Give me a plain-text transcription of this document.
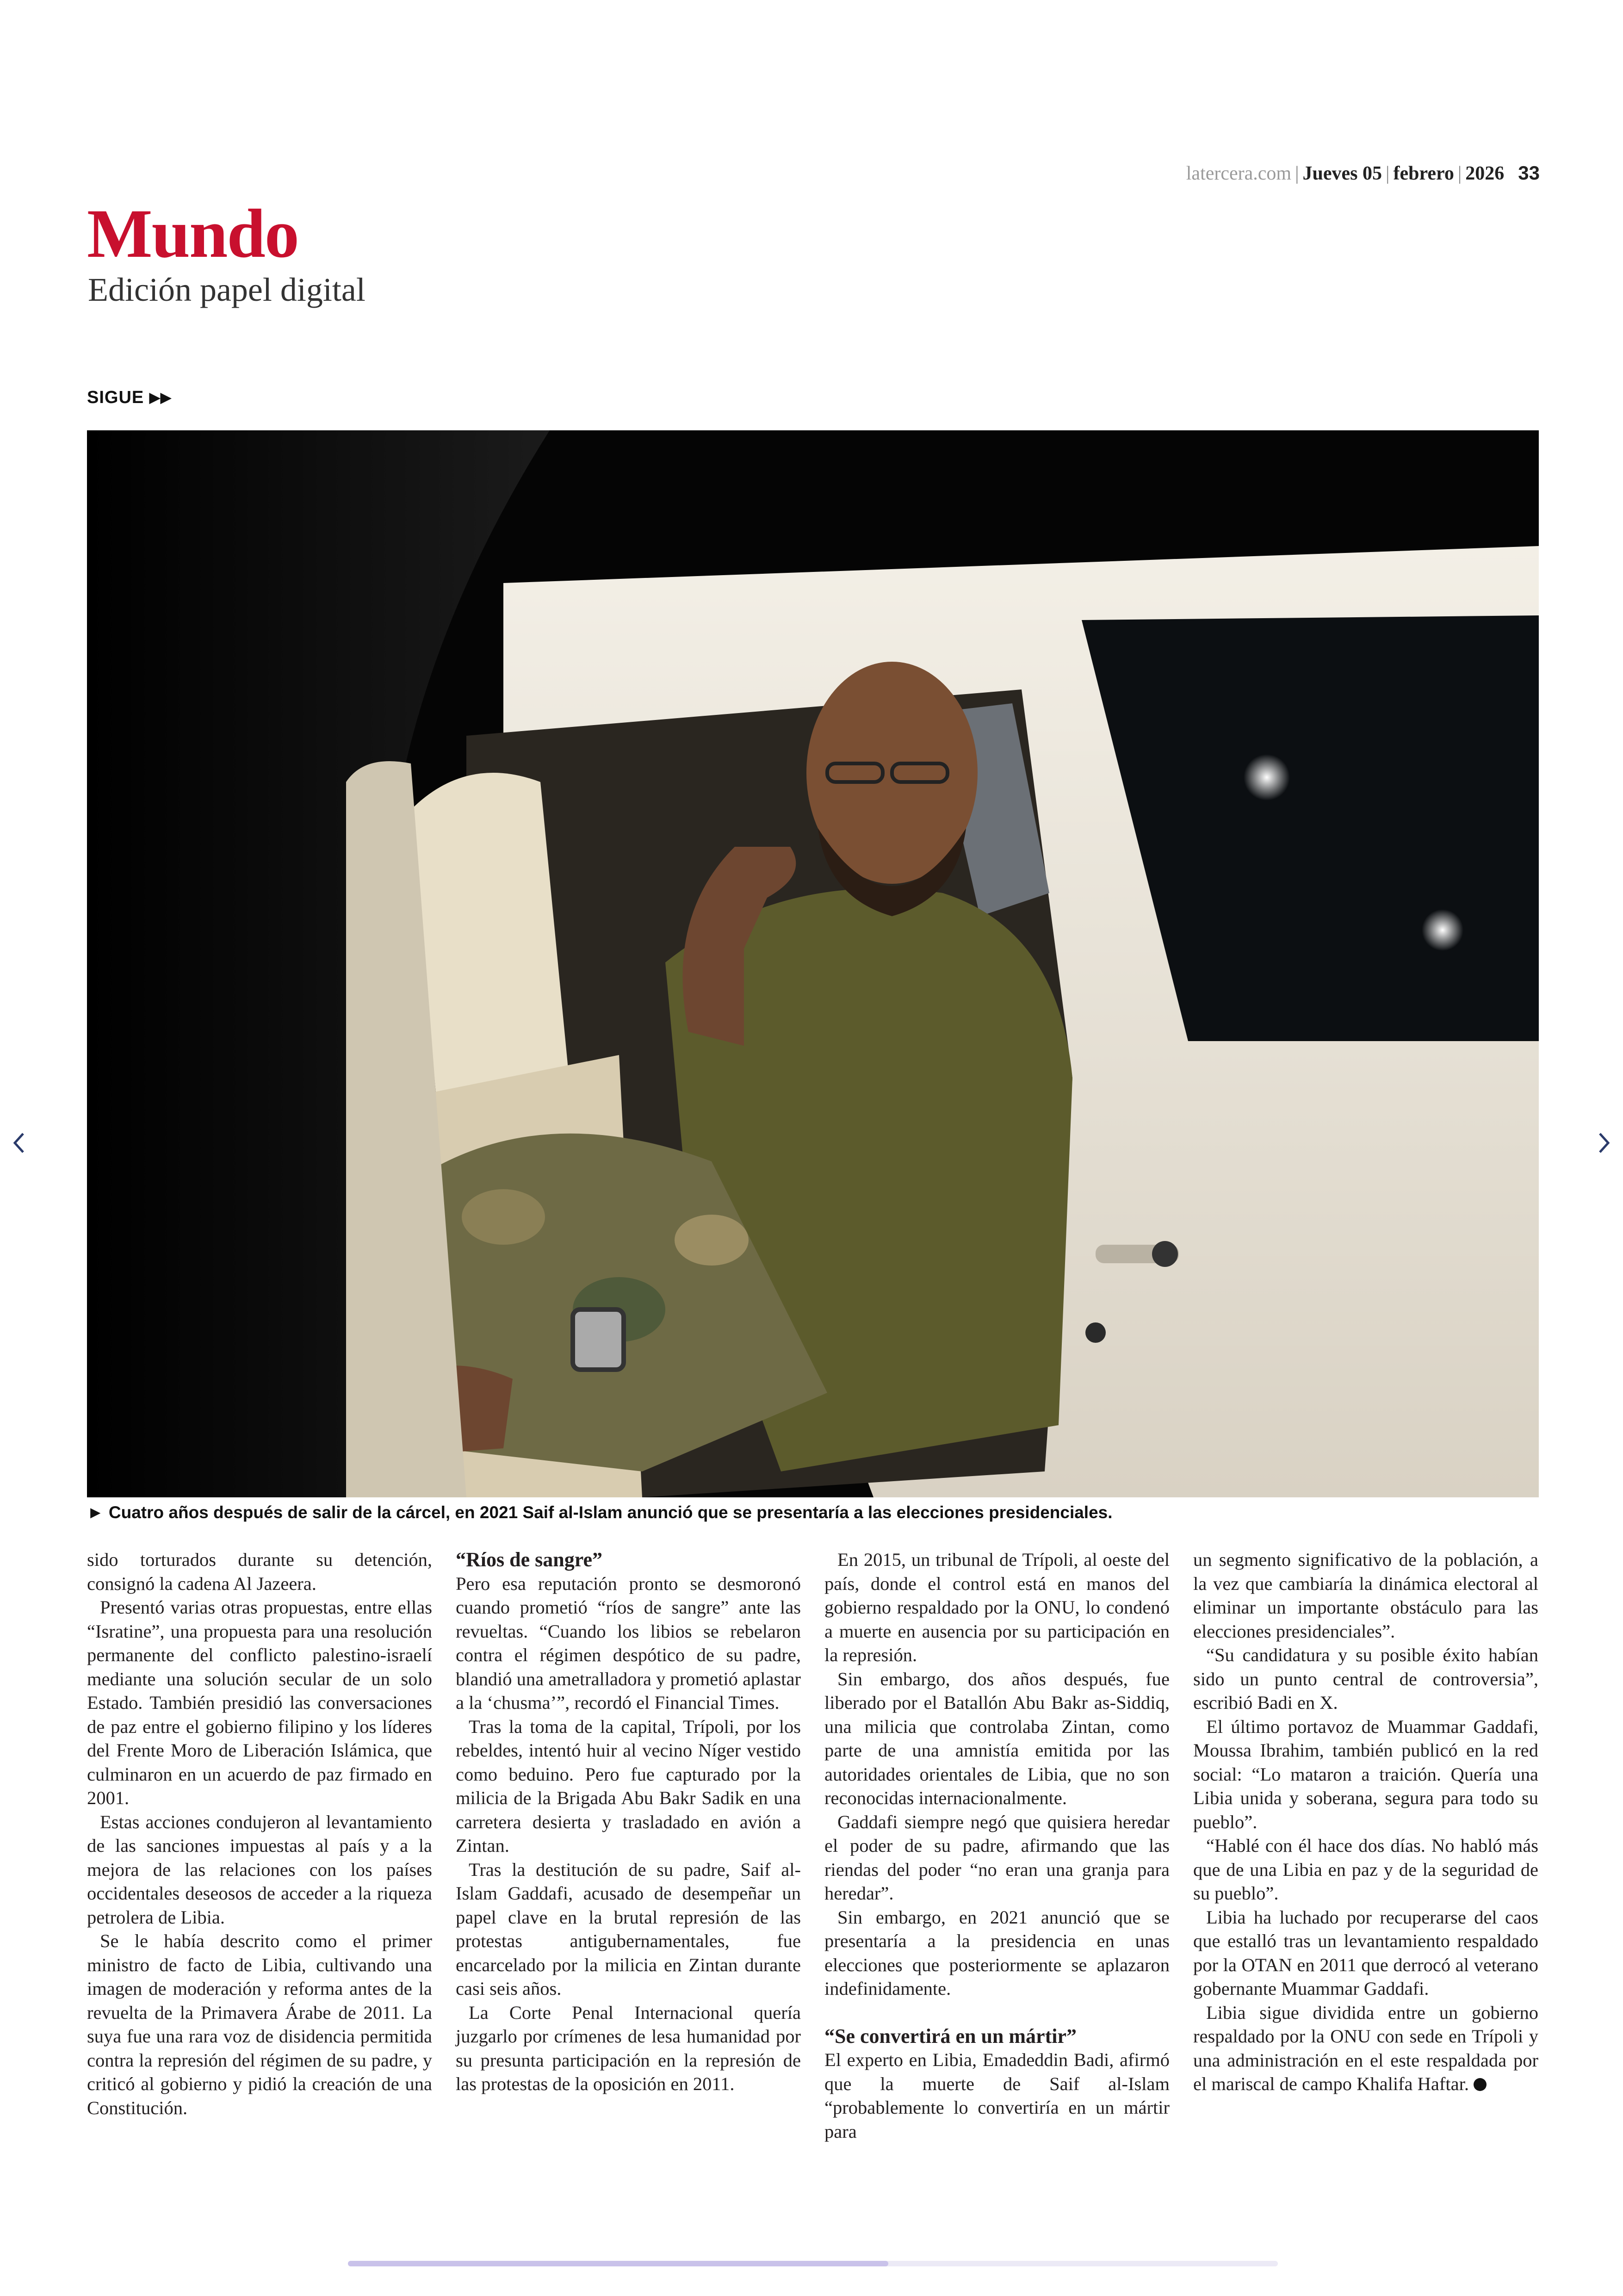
latercera.com | Jueves 05 | febrero | 2026 33
Mundo
Edición papel digital
SIGUE ▶▶
► Cuatro años después de salir de la cárcel, en 2021 Saif al-Islam anunció que se presentaría a las elecciones presidenciales.

sido torturados durante su detención, consignó la cadena Al Jazeera.

Presentó varias otras propuestas, entre ellas “Isratine”, una propuesta para una resolución permanente del conflicto palestino-israelí mediante una solución secular de un solo Estado. También presidió las conversaciones de paz entre el gobierno filipino y los líderes del Frente Moro de Liberación Islámica, que culminaron en un acuerdo de paz firmado en 2001.

Estas acciones condujeron al levantamiento de las sanciones impuestas al país y a la mejora de las relaciones con los países occidentales deseosos de acceder a la riqueza petrolera de Libia.

Se le había descrito como el primer ministro de facto de Libia, cultivando una imagen de moderación y reforma antes de la revuelta de la Primavera Árabe de 2011. La suya fue una rara voz de disidencia permitida contra la represión del régimen de su padre, y criticó al gobierno y pidió la creación de una Constitución.

“Ríos de sangre”

Pero esa reputación pronto se desmoronó cuando prometió “ríos de sangre” ante las revueltas. “Cuando los libios se rebelaron contra el régimen despótico de su padre, blandió una ametralladora y prometió aplastar a la ‘chusma’”, recordó el Financial Times.

Tras la toma de la capital, Trípoli, por los rebeldes, intentó huir al vecino Níger vestido como beduino. Pero fue capturado por la milicia de la Brigada Abu Bakr Sadik en una carretera desierta y trasladado en avión a Zintan.

Tras la destitución de su padre, Saif al-Islam Gaddafi, acusado de desempeñar un papel clave en la brutal represión de las protestas antigubernamentales, fue encarcelado por la milicia en Zintan durante casi seis años.

La Corte Penal Internacional quería juzgarlo por crímenes de lesa humanidad por su presunta participación en la represión de las protestas de la oposición en 2011.

En 2015, un tribunal de Trípoli, al oeste del país, donde el control está en manos del gobierno respaldado por la ONU, lo condenó a muerte en ausencia por su participación en la represión.

Sin embargo, dos años después, fue liberado por el Batallón Abu Bakr as-Siddiq, una milicia que controlaba Zintan, como parte de una amnistía emitida por las autoridades orientales de Libia, que no son reconocidas internacionalmente.

Gaddafi siempre negó que quisiera heredar el poder de su padre, afirmando que las riendas del poder “no eran una granja para heredar”.

Sin embargo, en 2021 anunció que se presentaría a la presidencia en unas elecciones que posteriormente se aplazaron indefinidamente.

“Se convertirá en un mártir”

El experto en Libia, Emadeddin Badi, afirmó que la muerte de Saif al-Islam “probablemente lo convertiría en un mártir para

un segmento significativo de la población, a la vez que cambiaría la dinámica electoral al eliminar un importante obstáculo para las elecciones presidenciales”.

“Su candidatura y su posible éxito habían sido un punto central de controversia”, escribió Badi en X.

El último portavoz de Muammar Gaddafi, Moussa Ibrahim, también publicó en la red social: “Lo mataron a traición. Quería una Libia unida y soberana, segura para todo su pueblo”.

“Hablé con él hace dos días. No habló más que de una Libia en paz y de la seguridad de su pueblo”.

Libia ha luchado por recuperarse del caos que estalló tras un levantamiento respaldado por la OTAN en 2011 que derrocó al veterano gobernante Muammar Gaddafi.

Libia sigue dividida entre un gobierno respaldado por la ONU con sede en Trípoli y una administración en el este respaldada por el mariscal de campo Khalifa Haftar.
